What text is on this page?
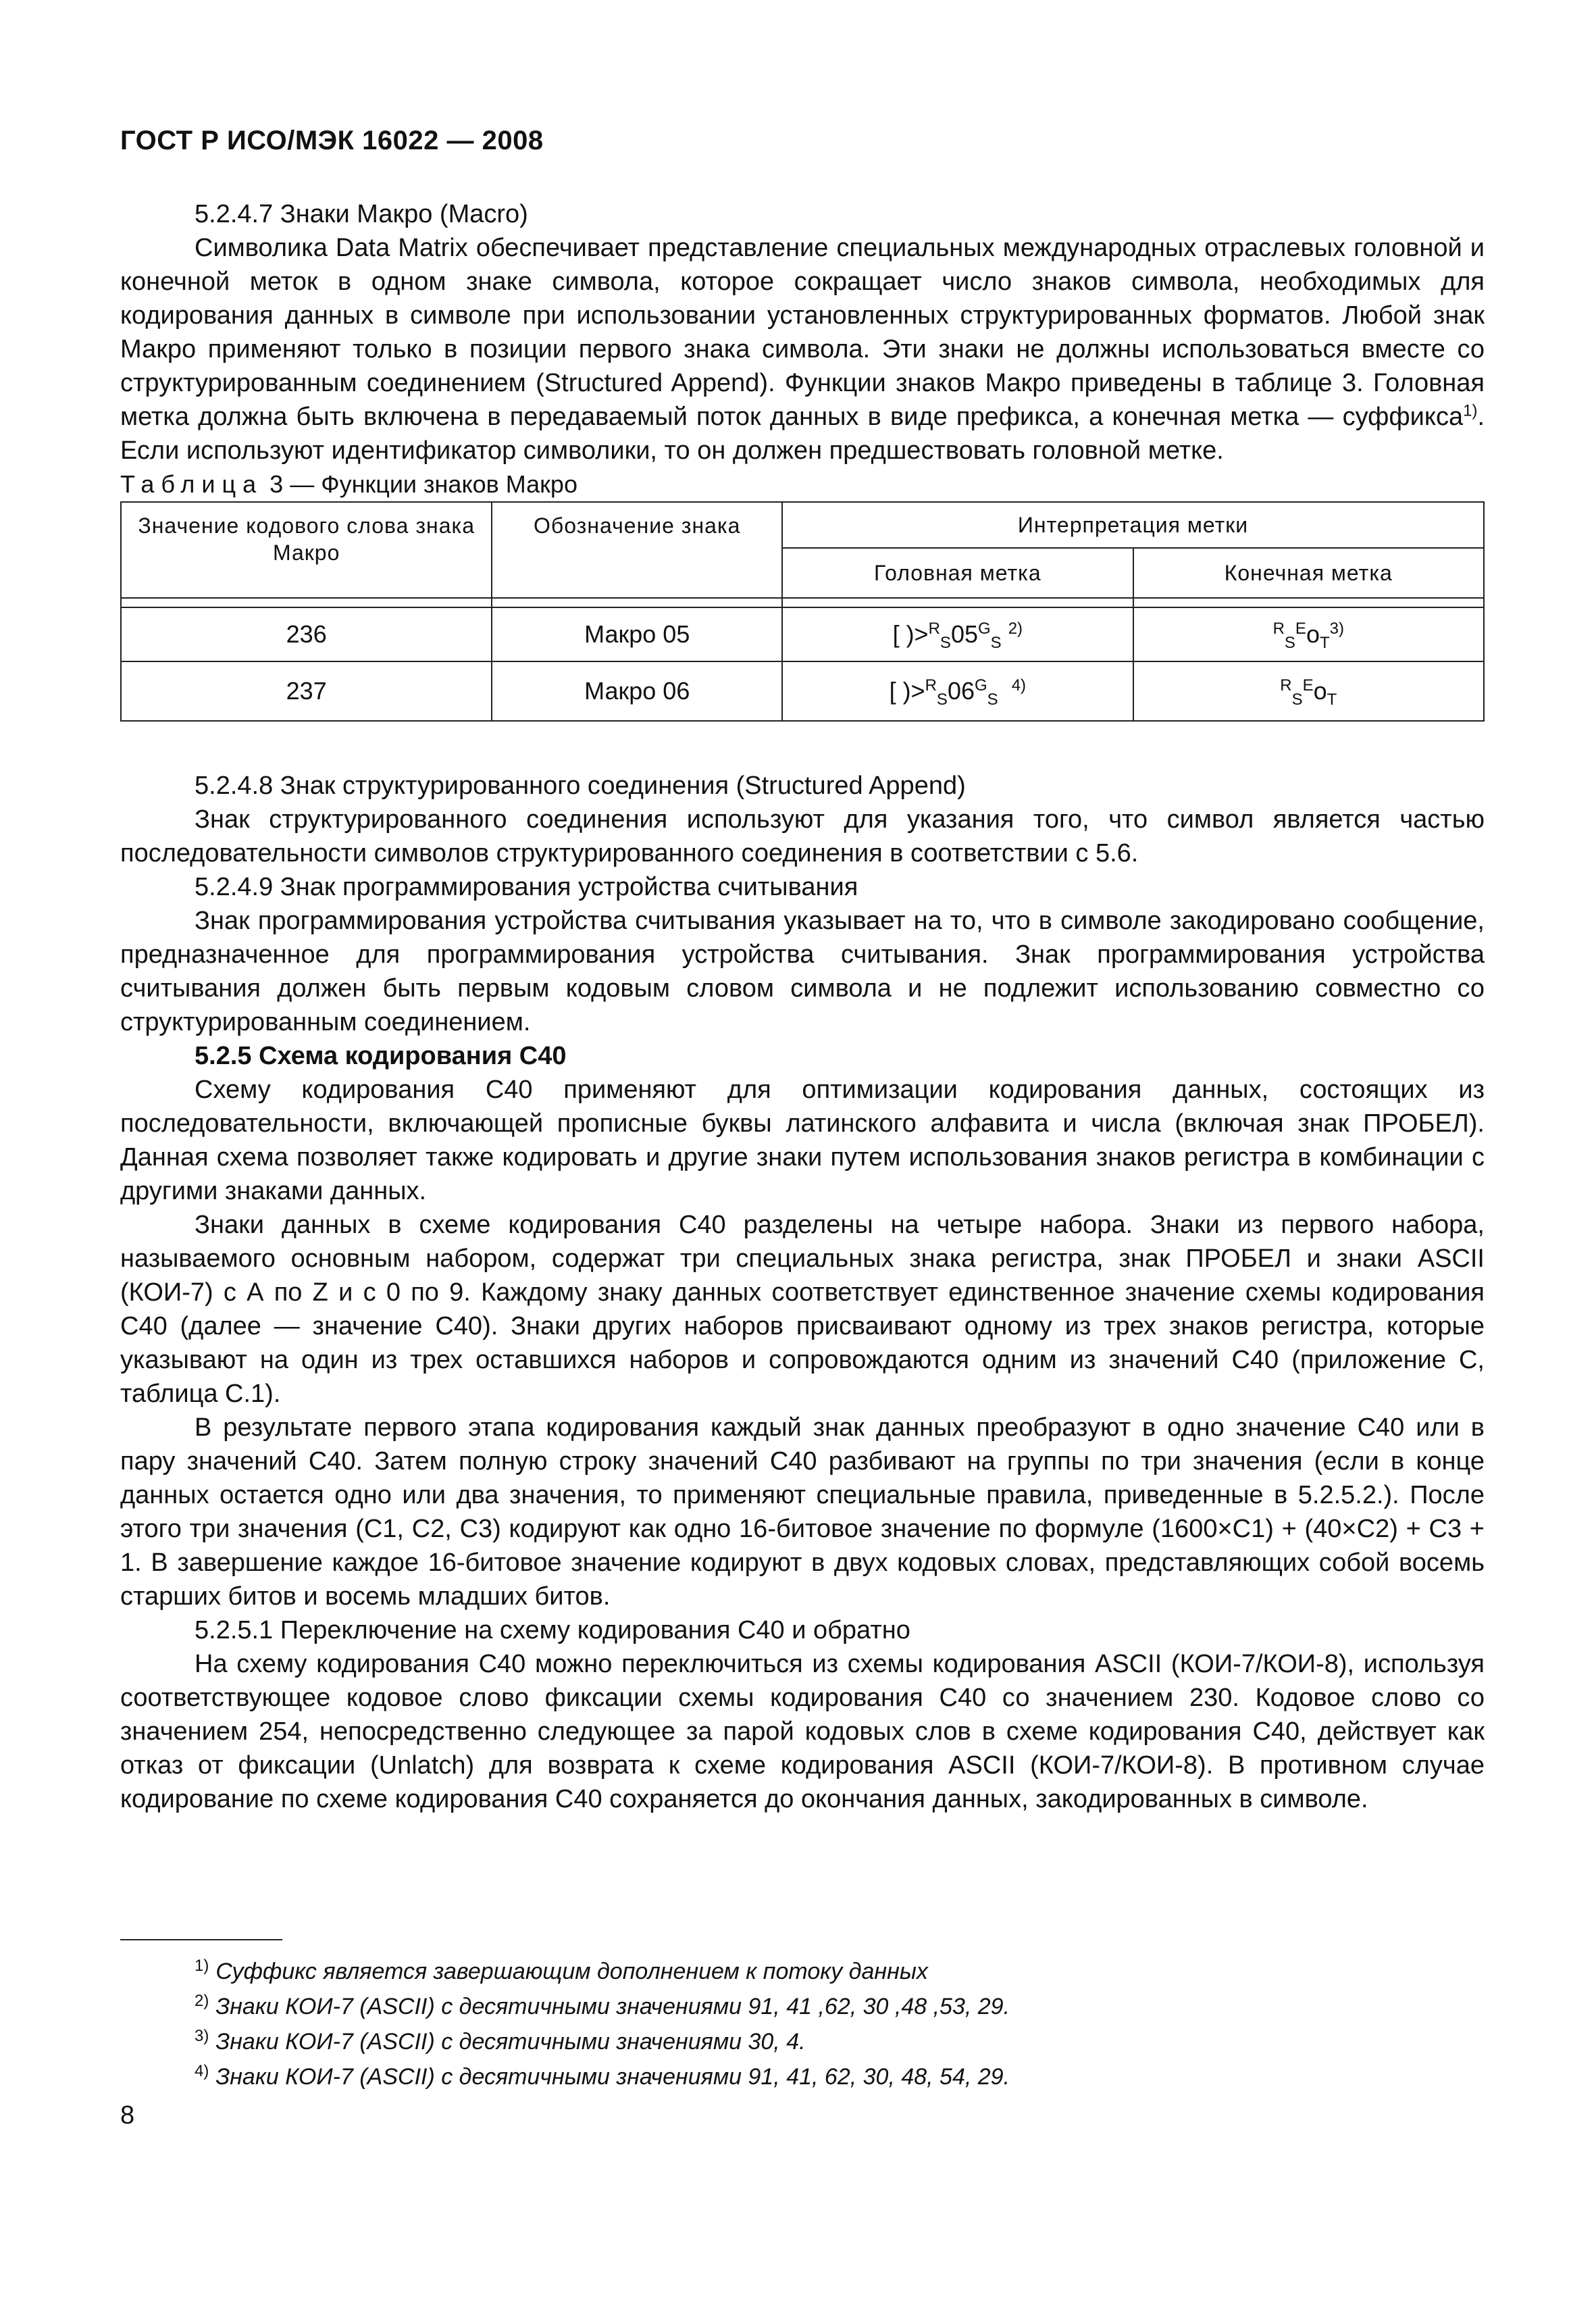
ГОСТ Р ИСО/МЭК 16022 — 2008

5.2.4.7 Знаки Макро (Macro)

Символика Data Matrix обеспечивает представление специальных международных отраслевых головной и конечной меток в одном знаке символа, которое сокращает число знаков символа, необходимых для кодирования данных в символе при использовании установленных структурированных форматов. Любой знак Макро применяют только в позиции первого знака символа. Эти знаки не должны использоваться вместе со структурированным соединением (Structured Append). Функции знаков Макро приведены в таблице 3. Головная метка должна быть включена в передаваемый поток данных в виде префикса, а конечная метка — суффикса$^{1)}$. Если используют идентификатор символики, то он должен предшествовать головной метке.

Таблица 3 — Функции знаков Макро

Значение кодового слова знака Макро	Обозначение знака	Интерпретация метки	
		Головная метка	Конечная метка

236	Макро 05	[ )$>^R_S05^G_S$ $^{2)}$	$^R_S^Eo_T^{3)}$
237	Макро 06	[ )$>^R_S06^G_S$  $^{4)}$	$^R_S^Eo_T$

5.2.4.8 Знак структурированного соединения (Structured Append)

Знак структурированного соединения используют для указания того, что символ является частью последовательности символов структурированного соединения в соответствии с 5.6.

5.2.4.9 Знак программирования устройства считывания

Знак программирования устройства считывания указывает на то, что в символе закодировано сообщение, предназначенное для программирования устройства считывания. Знак программирования устройства считывания должен быть первым кодовым словом символа и не подлежит использованию совместно со структурированным соединением.

5.2.5 Схема кодирования С40

Схему кодирования С40 применяют для оптимизации кодирования данных, состоящих из последовательности, включающей прописные буквы латинского алфавита и числа (включая знак ПРОБЕЛ). Данная схема позволяет также кодировать и другие знаки путем использования знаков регистра в комбинации с другими знаками данных.

Знаки данных в схеме кодирования С40 разделены на четыре набора. Знаки из первого набора, называемого основным набором, содержат три специальных знака регистра, знак ПРОБЕЛ и знаки ASCII (КОИ-7) с А по Z и с 0 по 9. Каждому знаку данных соответствует единственное значение схемы кодирования С40 (далее — значение С40). Знаки других наборов присваивают одному из трех знаков регистра, которые указывают на один из трех оставшихся наборов и сопровождаются одним из значений С40 (приложение С, таблица С.1).

В результате первого этапа кодирования каждый знак данных преобразуют в одно значение С40 или в пару значений С40. Затем полную строку значений С40 разбивают на группы по три значения (если в конце данных остается одно или два значения, то применяют специальные правила, приведенные в 5.2.5.2.). После этого три значения (С1, С2, С3) кодируют как одно 16-битовое значение по формуле (1600×С1) + (40×С2) + С3 + 1. В завершение каждое 16-битовое значение кодируют в двух кодовых словах, представляющих собой восемь старших битов и восемь младших битов.

5.2.5.1 Переключение на схему кодирования С40 и обратно

На схему кодирования С40 можно переключиться из схемы кодирования ASCII (КОИ-7/КОИ-8), используя соответствующее кодовое слово фиксации схемы кодирования С40 со значением 230. Кодовое слово со значением 254, непосредственно следующее за парой кодовых слов в схеме кодирования С40, действует как отказ от фиксации (Unlatch) для возврата к схеме кодирования ASCII (КОИ-7/КОИ-8). В противном случае кодирование по схеме кодирования С40 сохраняется до окончания данных, закодированных в символе.

$^{1)}$ Суффикс является завершающим дополнением к потоку данных
$^{2)}$ Знаки КОИ-7 (ASCII) с десятичными значениями 91, 41 ,62, 30 ,48 ,53, 29.
$^{3)}$ Знаки КОИ-7 (ASCII) с десятичными значениями 30, 4.
$^{4)}$ Знаки КОИ-7 (ASCII) с десятичными значениями 91, 41, 62, 30, 48, 54, 29.
8
